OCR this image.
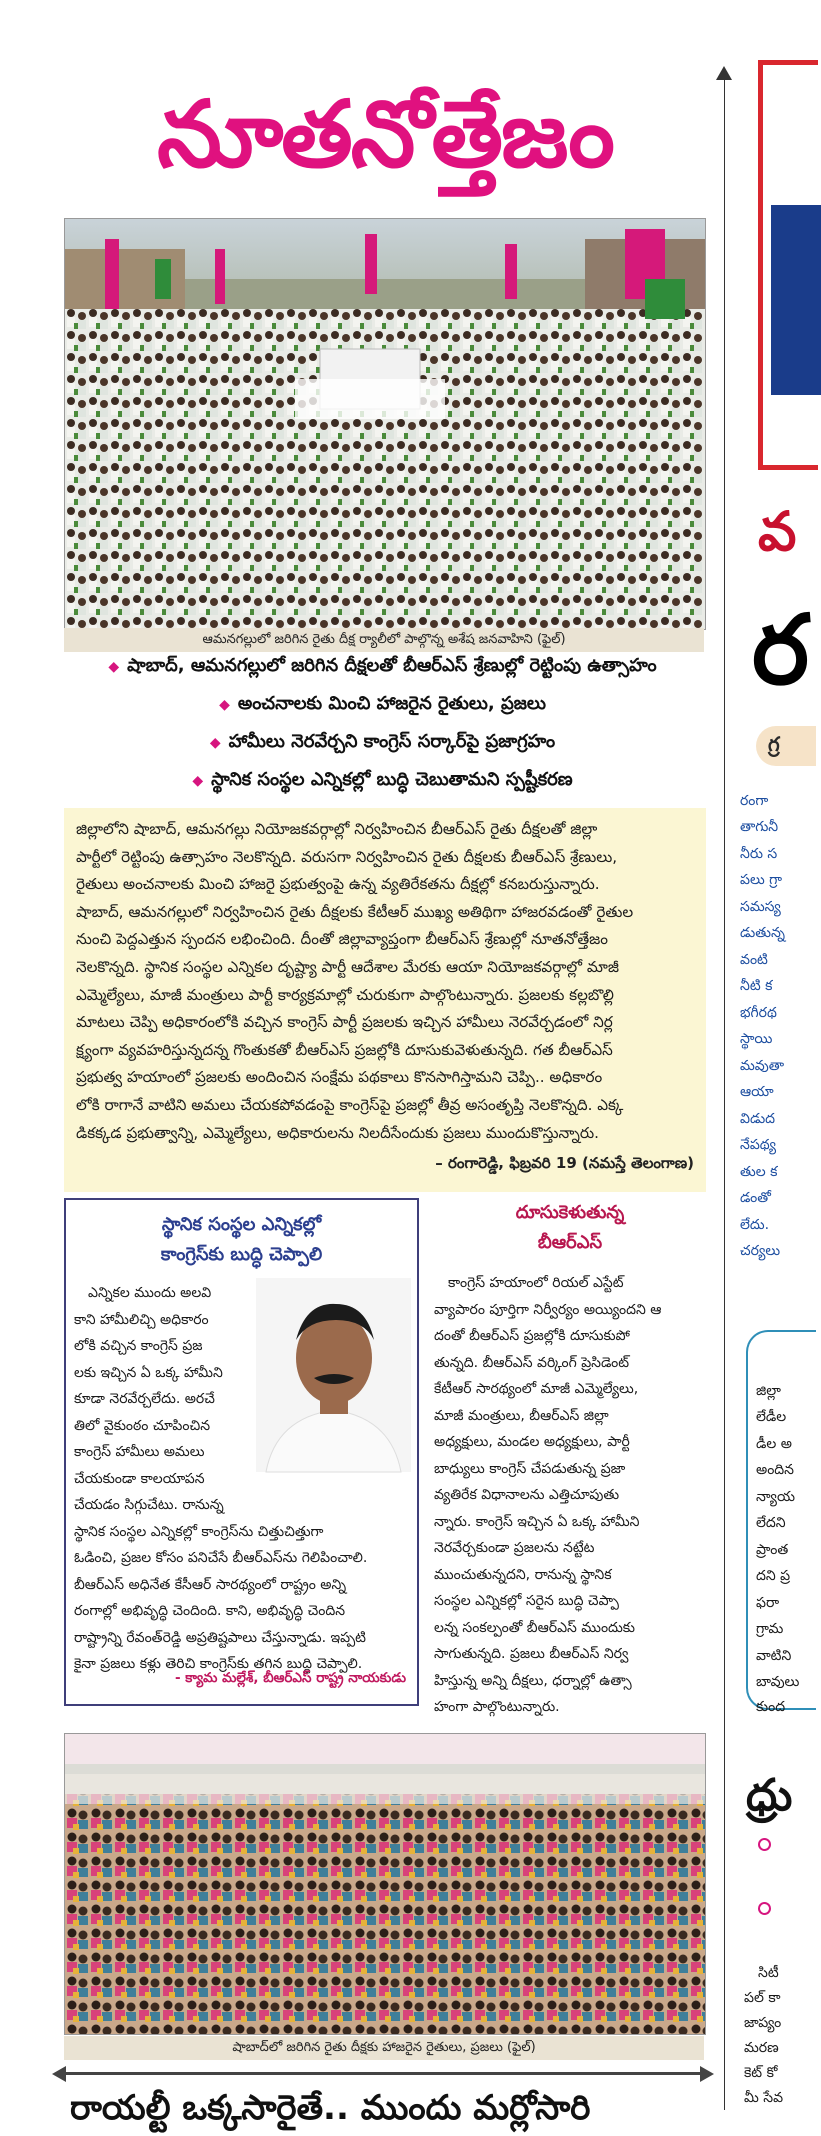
నూతనోత్తేజం
ఆమనగల్లులో జరిగిన రైతు దీక్ష ర్యాలీలో పాల్గొన్న అశేష జనవాహిని (ఫైల్)
◆ షాబాద్, ఆమనగల్లులో జరిగిన దీక్షలతో బీఆర్ఎస్ శ్రేణుల్లో రెట్టింపు ఉత్సాహం
◆ అంచనాలకు మించి హాజరైన రైతులు, ప్రజలు
◆ హామీలు నెరవేర్చని కాంగ్రెస్ సర్కార్‌పై ప్రజాగ్రహం
◆ స్థానిక సంస్థల ఎన్నికల్లో బుద్ధి చెబుతామని స్పష్టీకరణ
జిల్లాలోని షాబాద్, ఆమనగల్లు నియోజకవర్గాల్లో నిర్వహించిన బీఆర్ఎస్ రైతు దీక్షలతో జిల్లా
పార్టీలో రెట్టింపు ఉత్సాహం నెలకొన్నది. వరుసగా నిర్వహించిన రైతు దీక్షలకు బీఆర్ఎస్ శ్రేణులు,
రైతులు అంచనాలకు మించి హాజరై ప్రభుత్వంపై ఉన్న వ్యతిరేకతను దీక్షల్లో కనబరుస్తున్నారు.
షాబాద్, ఆమనగల్లులో నిర్వహించిన రైతు దీక్షలకు కేటీఆర్ ముఖ్య అతిథిగా హాజరవడంతో రైతుల
నుంచి పెద్దఎత్తున స్పందన లభించింది. దీంతో జిల్లావ్యాప్తంగా బీఆర్ఎస్ శ్రేణుల్లో నూతనోత్తేజం
నెలకొన్నది. స్థానిక సంస్థల ఎన్నికల దృష్ట్యా పార్టీ ఆదేశాల మేరకు ఆయా నియోజకవర్గాల్లో మాజీ
ఎమ్మెల్యేలు, మాజీ మంత్రులు పార్టీ కార్యక్రమాల్లో చురుకుగా పాల్గొంటున్నారు. ప్రజలకు కల్లబొల్లి
మాటలు చెప్పి అధికారంలోకి వచ్చిన కాంగ్రెస్ పార్టీ ప్రజలకు ఇచ్చిన హామీలు నెరవేర్చడంలో నిర్ల
క్ష్యంగా వ్యవహరిస్తున్నదన్న గొంతుకతో బీఆర్ఎస్ ప్రజల్లోకి దూసుకువెళుతున్నది. గత బీఆర్ఎస్
ప్రభుత్వ హయాంలో ప్రజలకు అందించిన సంక్షేమ పథకాలు కొనసాగిస్తామని చెప్పి.. అధికారం
లోకి రాగానే వాటిని అమలు చేయకపోవడంపై కాంగ్రెస్‌పై ప్రజల్లో తీవ్ర అసంతృప్తి నెలకొన్నది. ఎక్క
డికక్కడ ప్రభుత్వాన్ని, ఎమ్మెల్యేలు, అధికారులను నిలదీసేందుకు ప్రజలు ముందుకొస్తున్నారు.
– రంగారెడ్డి, ఫిబ్రవరి 19 (నమస్తే తెలంగాణ)
స్థానిక సంస్థల ఎన్నికల్లో
కాంగ్రెస్‌కు బుద్ధి చెప్పాలి
ఎన్నికల ముందు అలవి
కాని హామీలిచ్చి అధికారం
లోకి వచ్చిన కాంగ్రెస్ ప్రజ
లకు ఇచ్చిన ఏ ఒక్క హామీని
కూడా నెరవేర్చలేదు. అరచే
తిలో వైకుంఠం చూపించిన
కాంగ్రెస్ హామీలు అమలు
చేయకుండా కాలయాపన
చేయడం సిగ్గుచేటు. రానున్న
స్థానిక సంస్థల ఎన్నికల్లో కాంగ్రెస్‌ను చిత్తుచిత్తుగా
ఓడించి, ప్రజల కోసం పనిచేసే బీఆర్ఎస్‌ను గెలిపించాలి.
బీఆర్ఎస్ అధినేత కేసీఆర్ సారథ్యంలో రాష్ట్రం అన్ని
రంగాల్లో అభివృద్ధి చెందింది. కాని, అభివృద్ధి చెందిన
రాష్ట్రాన్ని రేవంత్‌రెడ్డి అప్రతిష్టపాలు చేస్తున్నాడు. ఇప్పటి
కైనా ప్రజలు కళ్లు తెరిచి కాంగ్రెస్‌కు తగిన బుద్ధి చెప్పాలి.
- క్యామ మల్లేశ్, బీఆర్ఎస్ రాష్ట్ర నాయకుడు
దూసుకెళుతున్న
బీఆర్ఎస్
కాంగ్రెస్ హయాంలో రియల్ ఎస్టేట్
వ్యాపారం పూర్తిగా నిర్వీర్యం అయ్యిందని ఆ
దంతో బీఆర్ఎస్ ప్రజల్లోకి దూసుకుపో
తున్నది. బీఆర్ఎస్ వర్కింగ్ ప్రెసిడెంట్
కేటీఆర్ సారథ్యంలో మాజీ ఎమ్మెల్యేలు,
మాజీ మంత్రులు, బీఆర్ఎస్ జిల్లా
అధ్యక్షులు, మండల అధ్యక్షులు, పార్టీ
బాధ్యులు కాంగ్రెస్ చేపడుతున్న ప్రజా
వ్యతిరేక విధానాలను ఎత్తిచూపుతు
న్నారు. కాంగ్రెస్ ఇచ్చిన ఏ ఒక్క హామీని
నెరవేర్చకుండా ప్రజలను నట్టేట
ముంచుతున్నదని, రానున్న స్థానిక
సంస్థల ఎన్నికల్లో సరైన బుద్ధి చెప్పా
లన్న సంకల్పంతో బీఆర్ఎస్ ముందుకు
సాగుతున్నది. ప్రజలు బీఆర్ఎస్ నిర్వ
హిస్తున్న అన్ని దీక్షలు, ధర్నాల్లో ఉత్సా
హంగా పాల్గొంటున్నారు.
షాబాద్‌లో జరిగిన రైతు దీక్షకు హాజరైన రైతులు, ప్రజలు (ఫైల్)
రాయల్టీ ఒక్కసారైతే.. ముందు మర్లోసారి
వ
ర
గ్ర
రంగా
తాగునీ
నీరు స
పలు గ్రా
సమస్య
డుతున్న
వంటి
నీటి క
భగీరథ
స్థాయి
మవుతా
ఆయా
విడుద
నేపథ్య
తుల క
డంతో
లేదు.
చర్యలు
జిల్లా
లేడీల
డీల అ
అందిన
న్యాయ
లేదని
ప్రాంత
దని ప్ర
ఫరా
గ్రామ
వాటిని
బావులు
కుంద
ధ్రు
సిటీ
పల్ కా
జాప్యం
మరణ
కెట్ కో
మీ సేవ
